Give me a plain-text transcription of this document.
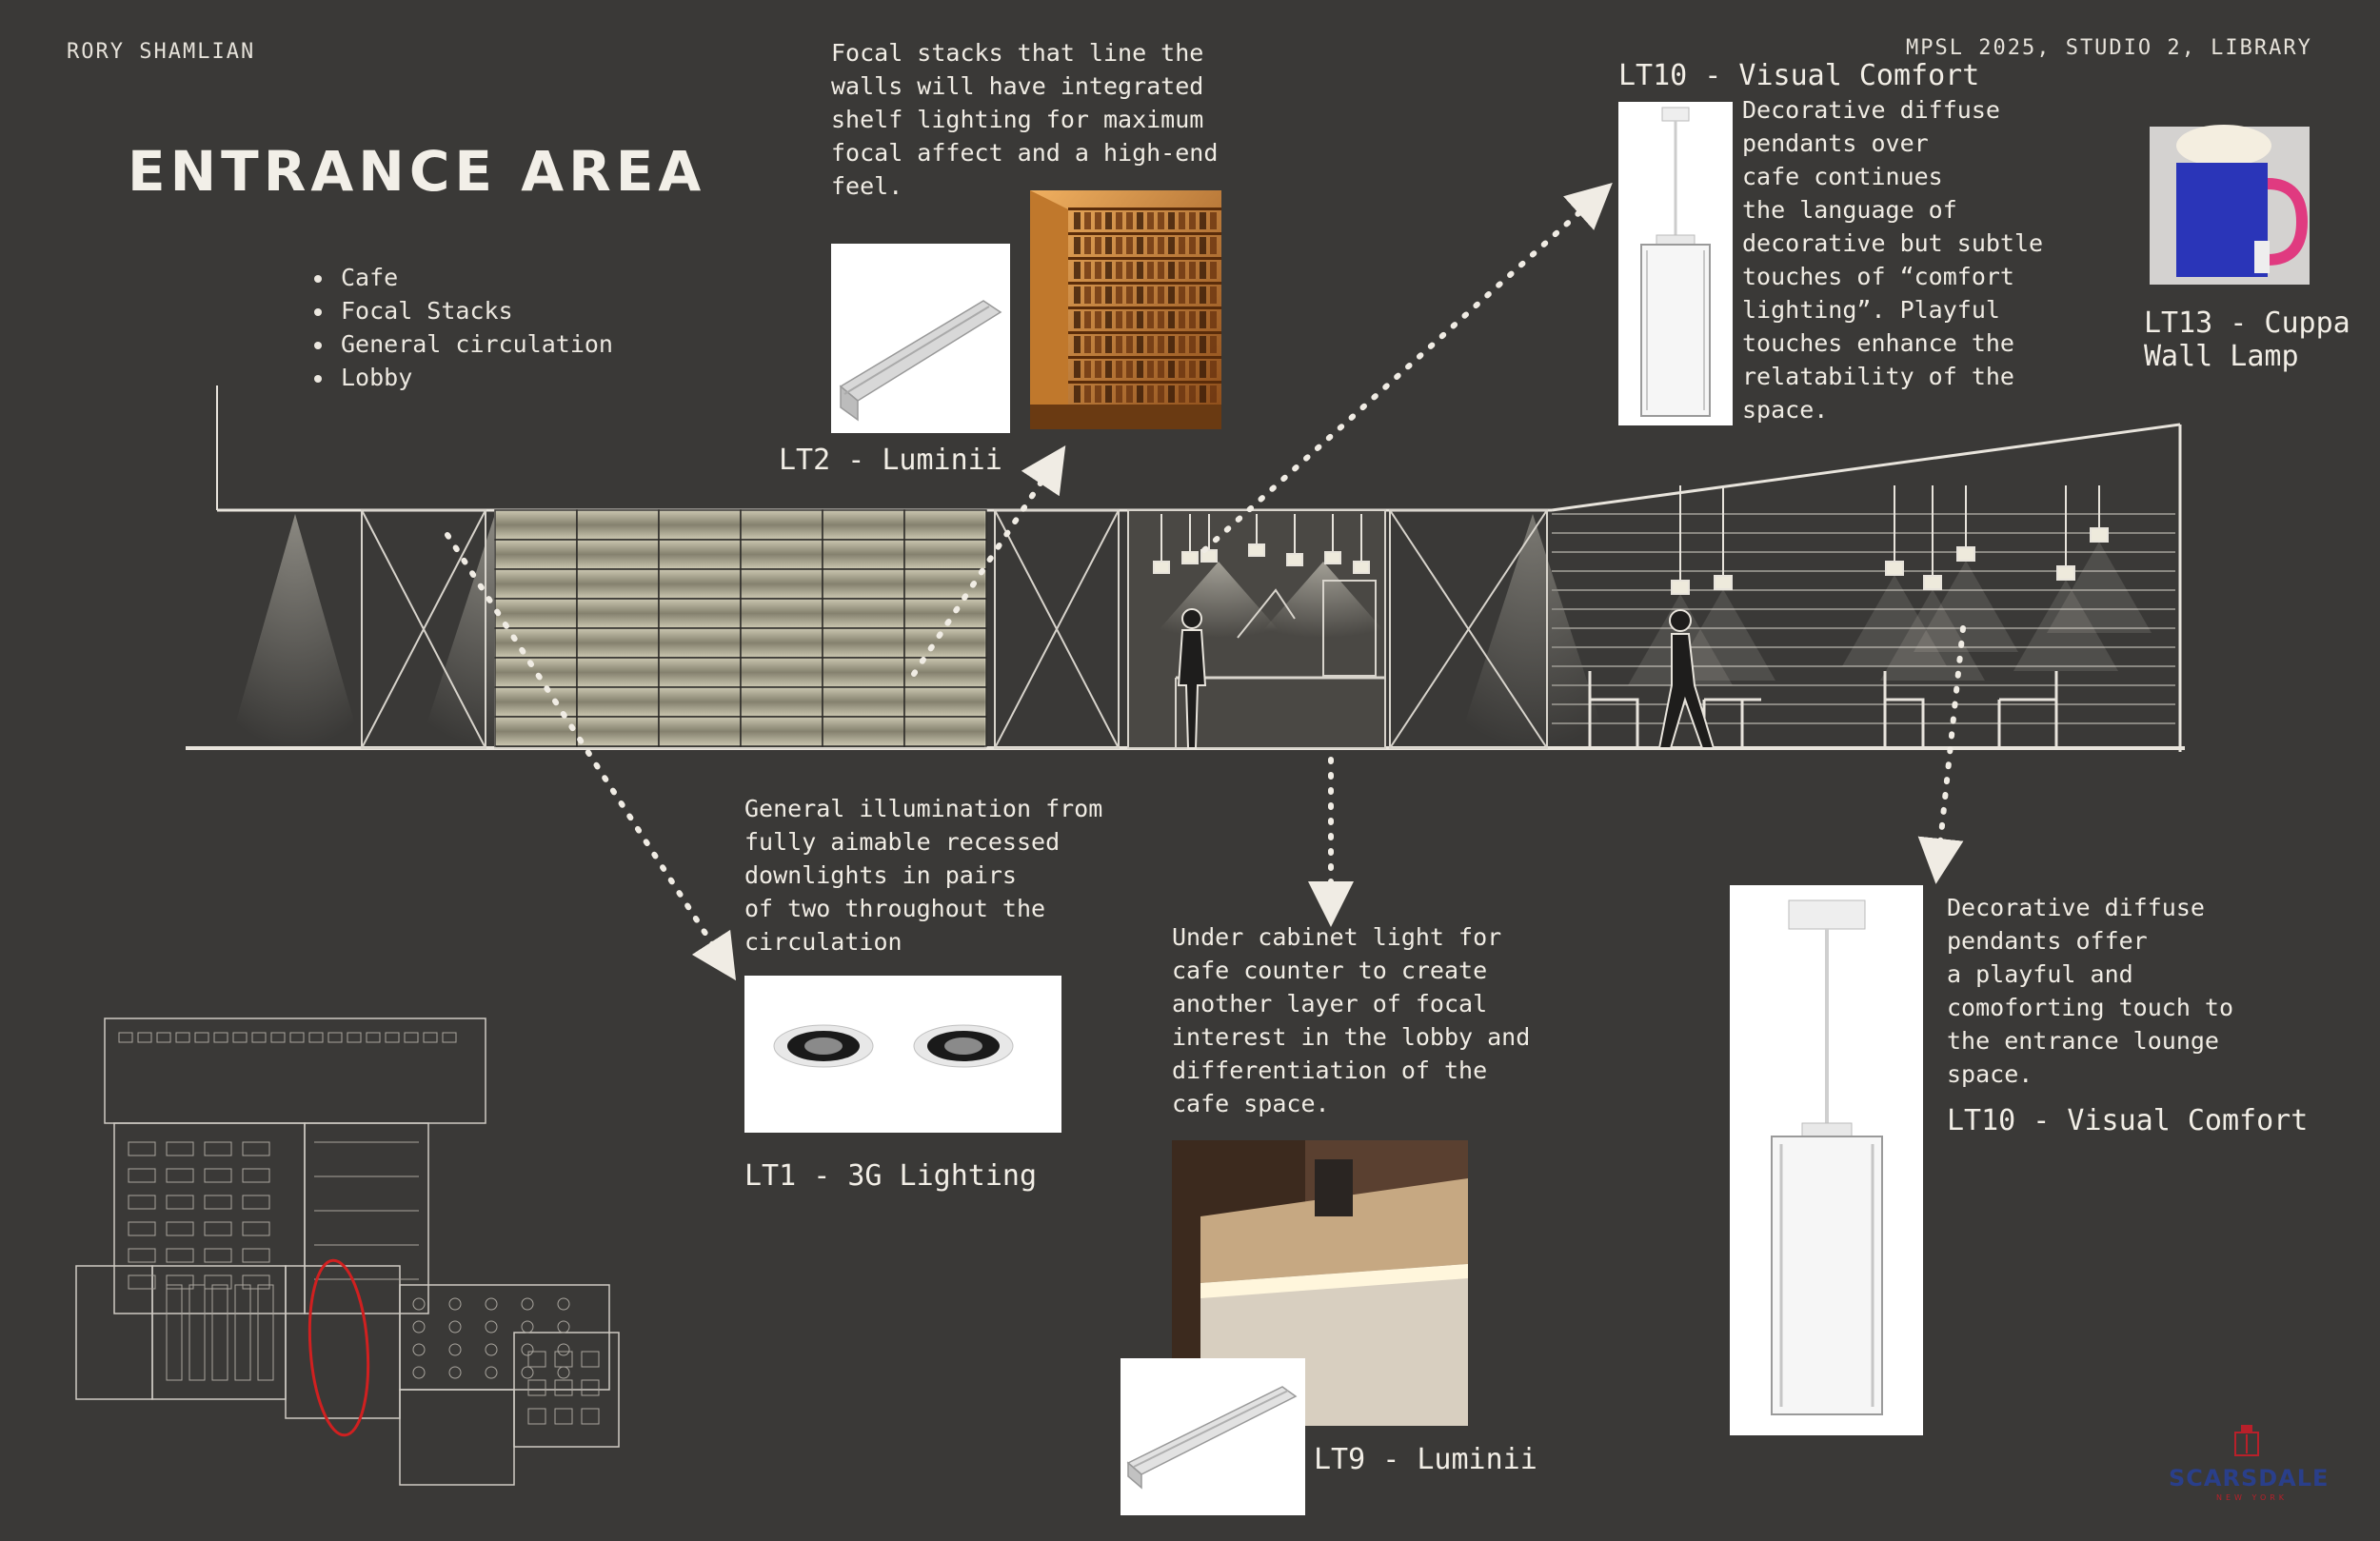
RORY SHAMLIAN	MPSL 2025, STUDIO 2, LIBRARY
ENTRANCE AREA
• Cafe
• Focal Stacks
• General circulation
• Lobby
Focal stacks that line the
walls will have integrated
shelf lighting for maximum
focal affect and a high-end
feel.
LT2 - Luminii
LT10 - Visual Comfort
Decorative diffuse
pendants over
cafe continues
the language of
decorative but subtle
touches of “comfort
lighting”. Playful
touches enhance the
relatability of the
space.
LT13 - Cuppa
Wall Lamp
General illumination from
fully aimable recessed
downlights in pairs
of two throughout the
circulation
LT1 - 3G Lighting
Under cabinet light for
cafe counter to create
another layer of focal
interest in the lobby and
differentiation of the
cafe space.
LT9 - Luminii
Decorative diffuse
pendants offer
a playful and
comoforting touch to
the entrance lounge
space.
LT10 - Visual Comfort
SCARSDALE
NEW YORK
